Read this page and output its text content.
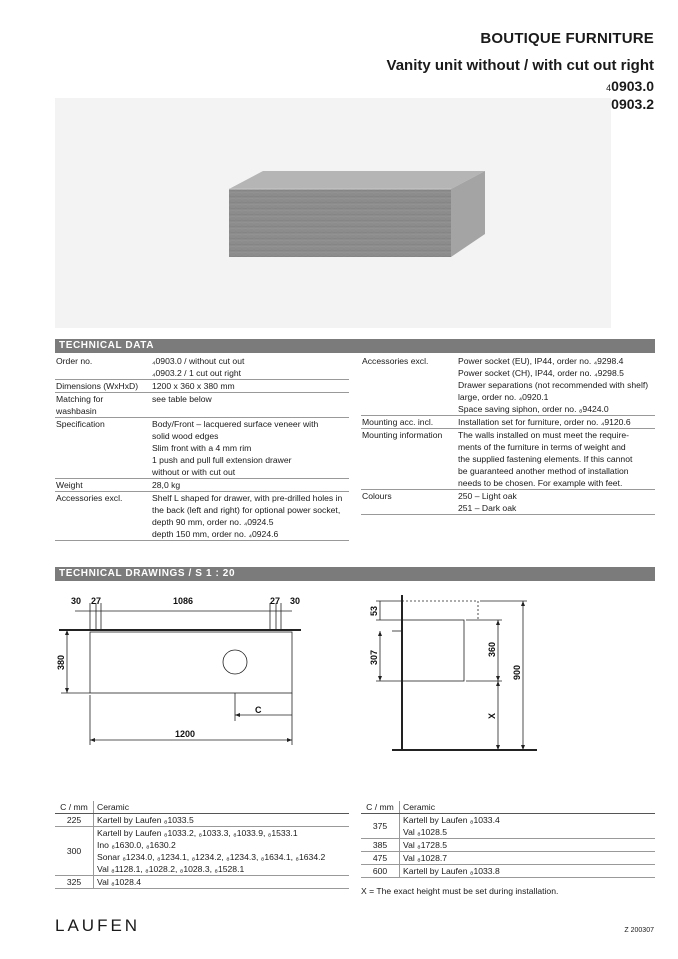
BOUTIQUE FURNITURE
Vanity unit without / with cut out right
40903.0
0903.2
TECHNICAL DATA
Order no.	₄0903.0 / without cut out
₄0903.2 / 1 cut out right

Dimensions (WxHxD)	1200 x 360 x 380 mm
Matching for washbasin	see table below
Specification	Body/Front – lacquered surface veneer with
solid wood edges
Slim front with a 4 mm rim
1 push and pull full extension drawer
without or with cut out

Weight	28,0 kg
Accessories excl.	Shelf L shaped for drawer, with pre-drilled holes in
the back (left and right) for optional power socket,
depth 90 mm, order no. ₄0924.5
depth 150 mm, order no. ₄0924.6
Accessories excl.	Power socket (EU), IP44, order no. ₄9298.4
Power socket (CH), IP44, order no. ₄9298.5
Drawer separations (not recommended with shelf)
large, order no. ₄0920.1
Space saving siphon, order no. ₈9424.0

Mounting acc. incl.	Installation set for furniture, order no. ₄9120.6
Mounting information	The walls installed on must meet the require-
ments of the furniture in terms of weight and
the supplied fastening elements. If this cannot
be guaranteed another method of installation
needs to be chosen. For example with feet.

Colours	250 – Light oak
251 – Dark oak
TECHNICAL DRAWINGS / S 1 : 20
30 27	1086	27 30
C
1200
380
53
307
360
900
X
C / mm	Ceramic
225	Kartell by Laufen ₈1033.5
300	Kartell by Laufen ₈1033.2, ₈1033.3, ₈1033.9, ₈1533.1
Ino ₈1630.0, ₈1630.2
Sonar ₈1234.0, ₈1234.1, ₈1234.2, ₈1234.3, ₈1634.1, ₈1634.2
Val ₈1128.1, ₈1028.2, ₈1028.3, ₈1528.1

325	Val ₈1028.4
C / mm	Ceramic
375	Kartell by Laufen ₈1033.4
Val ₈1028.5

385	Val ₈1728.5
475	Val ₈1028.7
600	Kartell by Laufen ₈1033.8
X = The exact height must be set during installation.
LAUFEN	Z 200307
